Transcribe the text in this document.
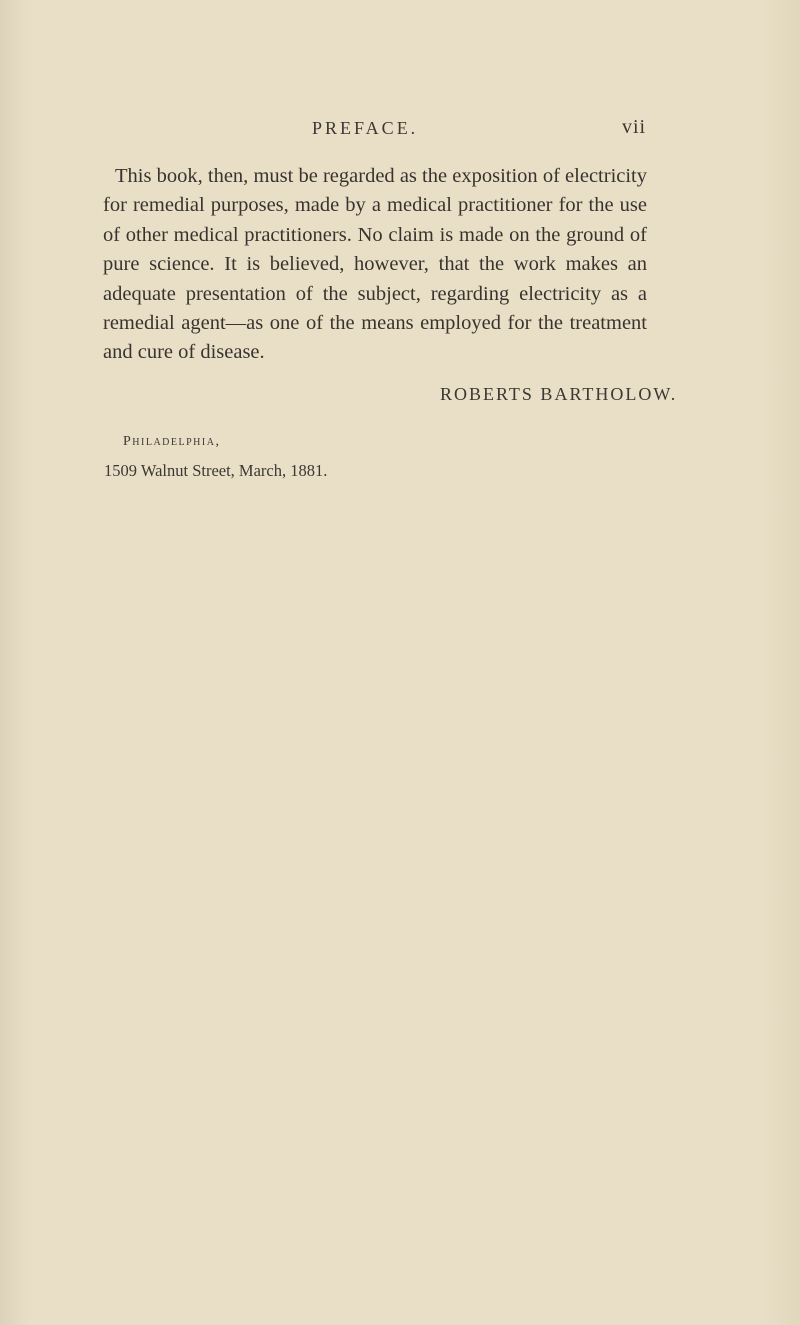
PREFACE.	vii

This book, then, must be regarded as the exposition of electricity for remedial purposes, made by a medical practitioner for the use of other medical practitioners. No claim is made on the ground of pure science. It is believed, however, that the work makes an adequate presentation of the subject, regarding electricity as a remedial agent—as one of the means employed for the treatment and cure of disease.

ROBERTS BARTHOLOW.
Philadelphia,
1509 Walnut Street, March, 1881.
